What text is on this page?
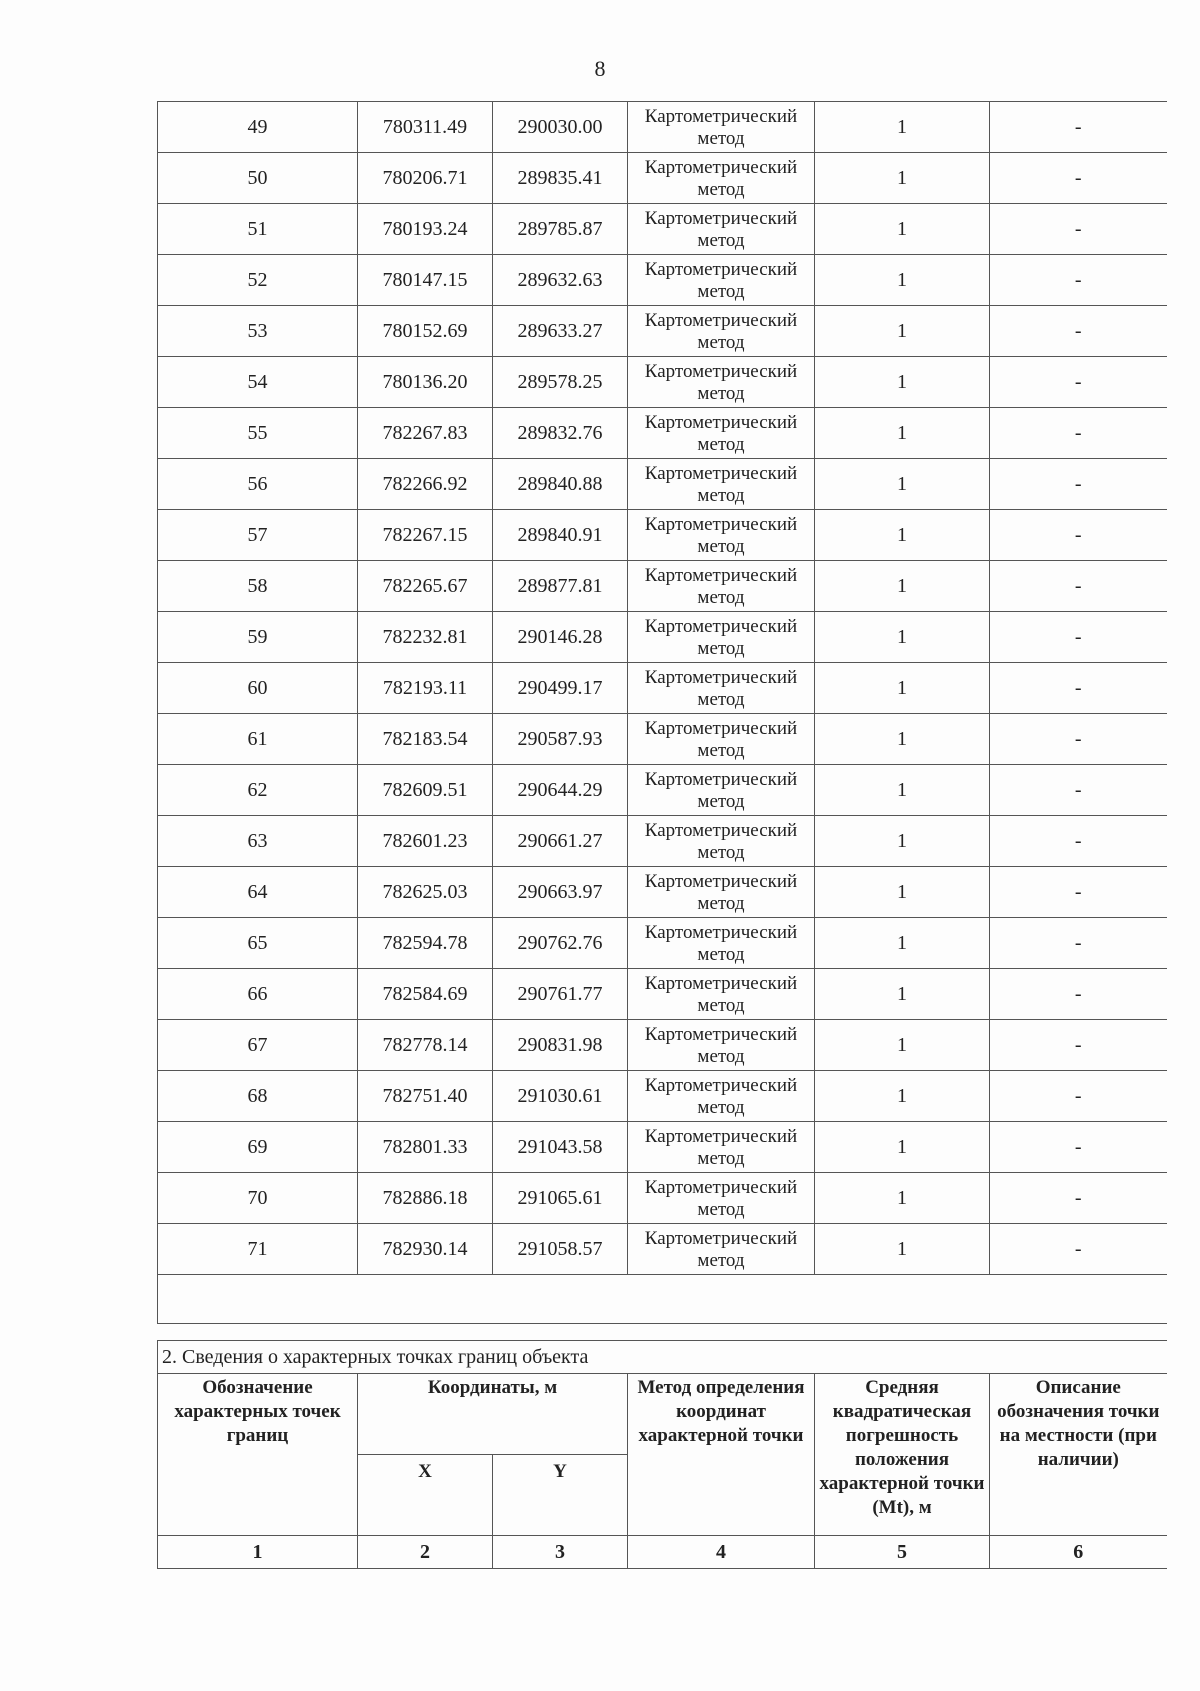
8
49	780311.49	290030.00	Картометрический
метод	1	-
50	780206.71	289835.41	Картометрический
метод	1	-
51	780193.24	289785.87	Картометрический
метод	1	-
52	780147.15	289632.63	Картометрический
метод	1	-
53	780152.69	289633.27	Картометрический
метод	1	-
54	780136.20	289578.25	Картометрический
метод	1	-
55	782267.83	289832.76	Картометрический
метод	1	-
56	782266.92	289840.88	Картометрический
метод	1	-
57	782267.15	289840.91	Картометрический
метод	1	-
58	782265.67	289877.81	Картометрический
метод	1	-
59	782232.81	290146.28	Картометрический
метод	1	-
60	782193.11	290499.17	Картометрический
метод	1	-
61	782183.54	290587.93	Картометрический
метод	1	-
62	782609.51	290644.29	Картометрический
метод	1	-
63	782601.23	290661.27	Картометрический
метод	1	-
64	782625.03	290663.97	Картометрический
метод	1	-
65	782594.78	290762.76	Картометрический
метод	1	-
66	782584.69	290761.77	Картометрический
метод	1	-
67	782778.14	290831.98	Картометрический
метод	1	-
68	782751.40	291030.61	Картометрический
метод	1	-
69	782801.33	291043.58	Картометрический
метод	1	-
70	782886.18	291065.61	Картометрический
метод	1	-
71	782930.14	291058.57	Картометрический
метод	1	-

2. Сведения о характерных точках границ объекта					
Обозначение характерных точек границ	Координаты, м		Метод определения координат характерной точки	Средняя квадратическая погрешность положения характерной точки (Mt), м	Описание обозначения точки на местности (при наличии)
	X	Y			
1	2	3	4	5	6
